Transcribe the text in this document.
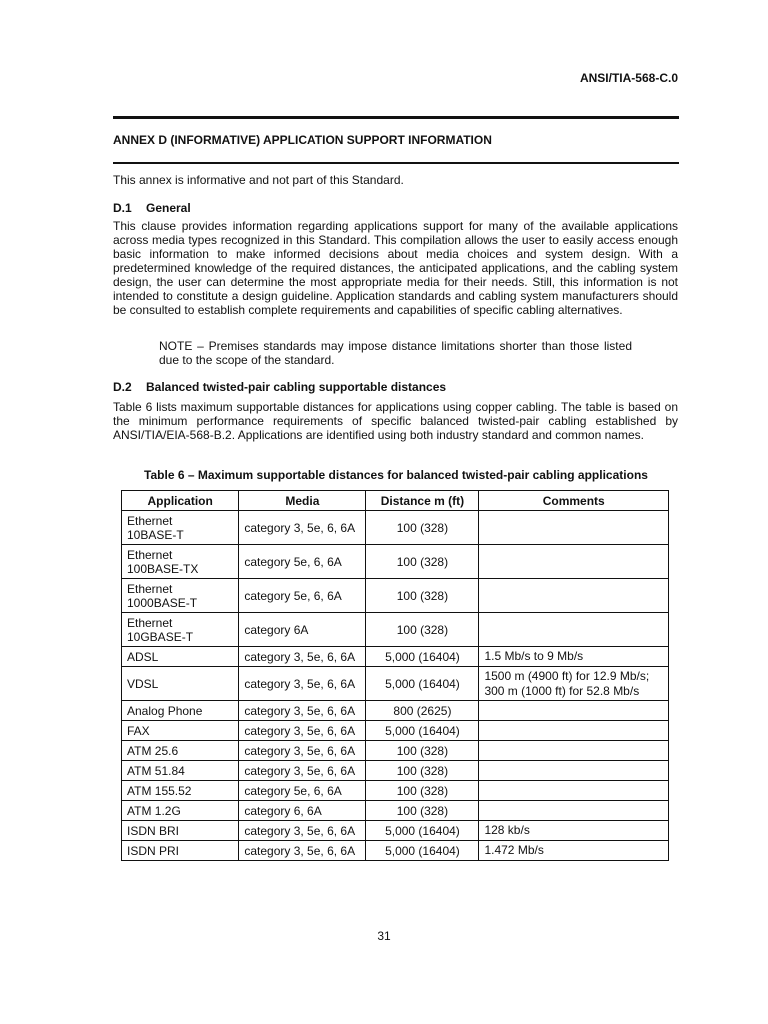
ANSI/TIA-568-C.0
ANNEX D (INFORMATIVE) APPLICATION SUPPORT INFORMATION
This annex is informative and not part of this Standard.
D.1 General
This clause provides information regarding applications support for many of the available applications across media types recognized in this Standard. This compilation allows the user to easily access enough basic information to make informed decisions about media choices and system design. With a predetermined knowledge of the required distances, the anticipated applications, and the cabling system design, the user can determine the most appropriate media for their needs. Still, this information is not intended to constitute a design guideline. Application standards and cabling system manufacturers should be consulted to establish complete requirements and capabilities of specific cabling alternatives.
NOTE – Premises standards may impose distance limitations shorter than those listed due to the scope of the standard.
D.2 Balanced twisted-pair cabling supportable distances
Table 6 lists maximum supportable distances for applications using copper cabling. The table is based on the minimum performance requirements of specific balanced twisted-pair cabling established by ANSI/TIA/EIA-568-B.2. Applications are identified using both industry standard and common names.
Table 6 – Maximum supportable distances for balanced twisted-pair cabling applications
Application	Media	Distance m (ft)	Comments
Ethernet
10BASE-T	category 3, 5e, 6, 6A	100 (328)	
Ethernet
100BASE-TX	category 5e, 6, 6A	100 (328)	
Ethernet
1000BASE-T	category 5e, 6, 6A	100 (328)	
Ethernet
10GBASE-T	category 6A	100 (328)	
ADSL	category 3, 5e, 6, 6A	5,000 (16404)	1.5 Mb/s to 9 Mb/s
VDSL	category 3, 5e, 6, 6A	5,000 (16404)	1500 m (4900 ft) for 12.9 Mb/s;
300 m (1000 ft) for 52.8 Mb/s
Analog Phone	category 3, 5e, 6, 6A	800 (2625)	
FAX	category 3, 5e, 6, 6A	5,000 (16404)	
ATM 25.6	category 3, 5e, 6, 6A	100 (328)	
ATM 51.84	category 3, 5e, 6, 6A	100 (328)	
ATM 155.52	category 5e, 6, 6A	100 (328)	
ATM 1.2G	category 6, 6A	100 (328)	
ISDN BRI	category 3, 5e, 6, 6A	5,000 (16404)	128 kb/s
ISDN PRI	category 3, 5e, 6, 6A	5,000 (16404)	1.472 Mb/s
31
